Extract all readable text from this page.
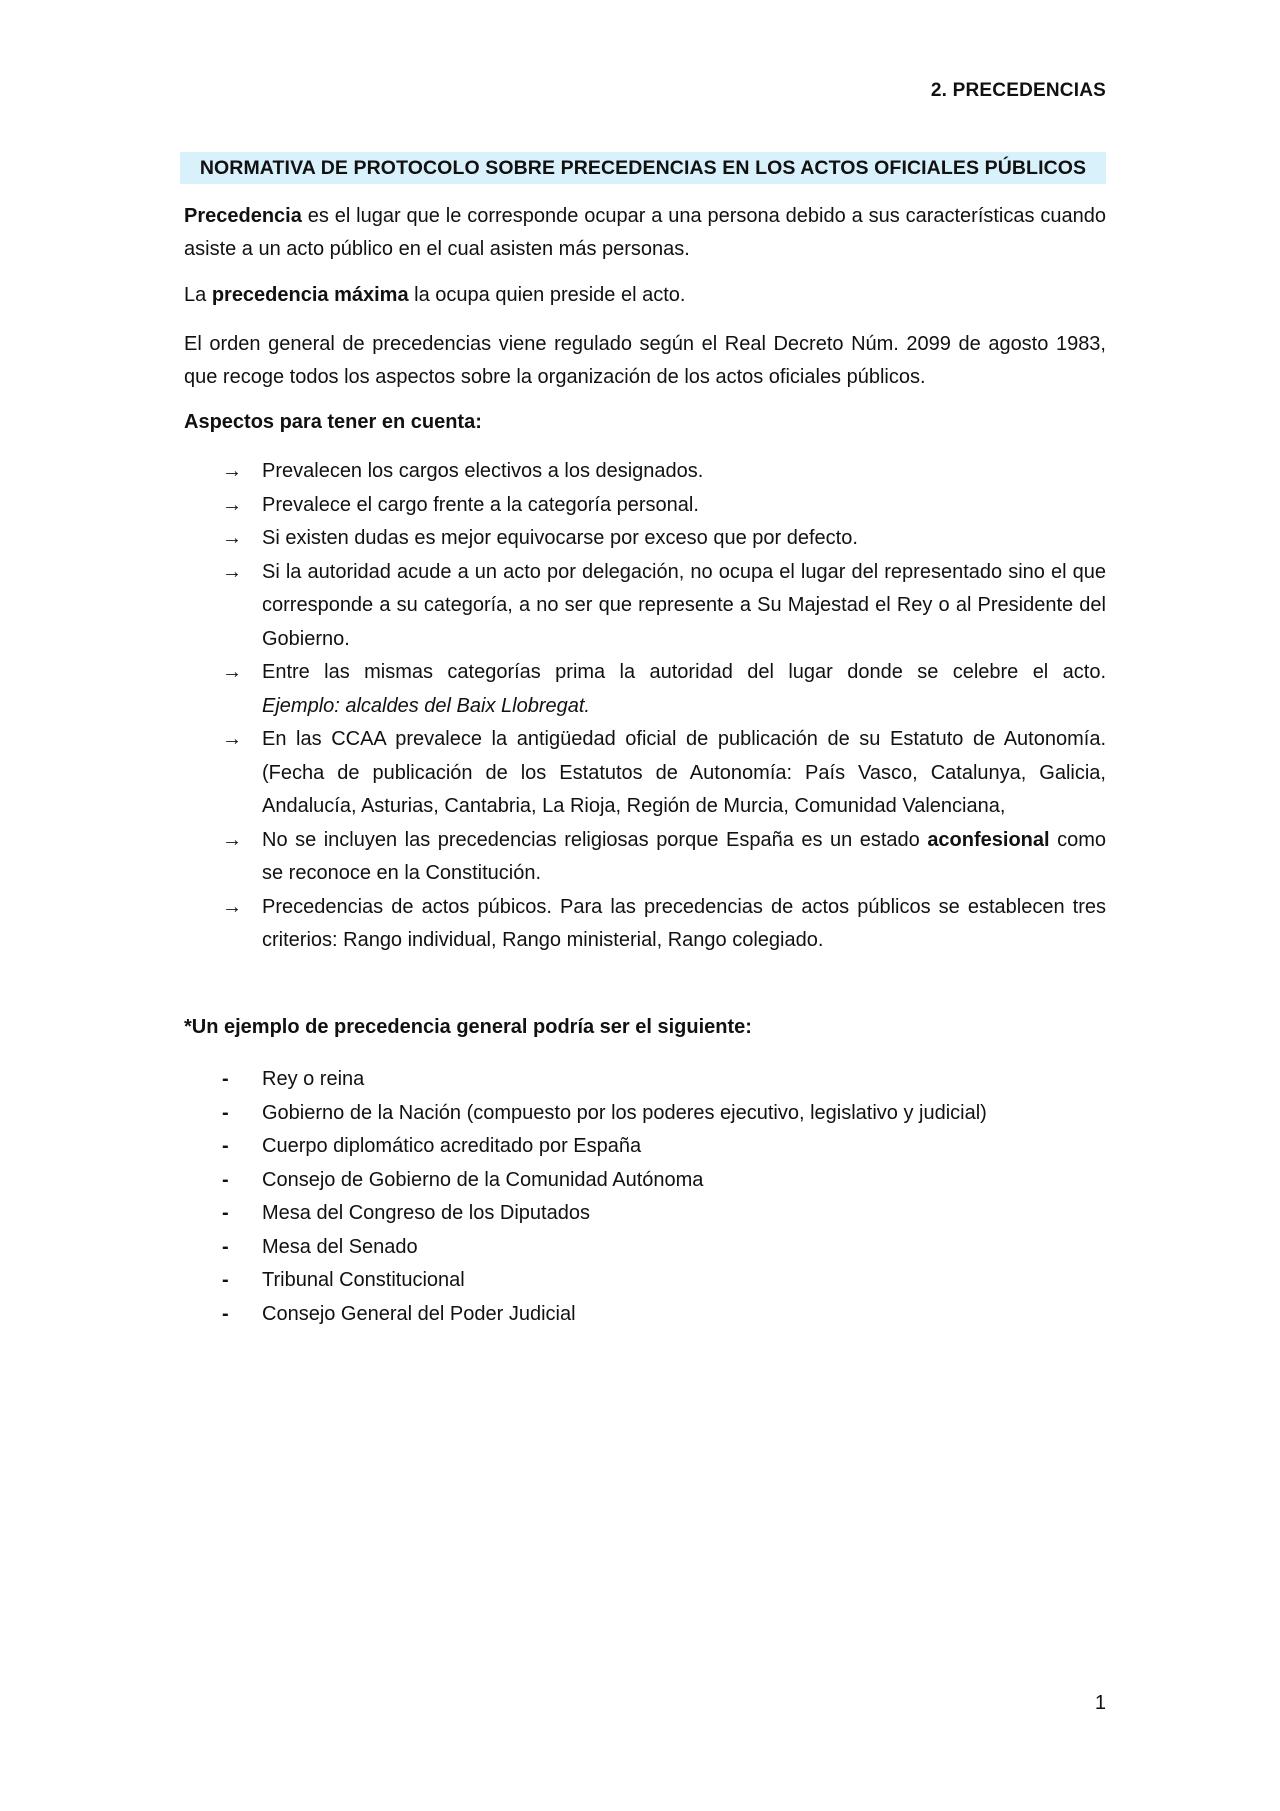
2. PRECEDENCIAS
NORMATIVA DE PROTOCOLO SOBRE PRECEDENCIAS EN LOS ACTOS OFICIALES PÚBLICOS

Precedencia es el lugar que le corresponde ocupar a una persona debido a sus características cuando asiste a un acto público en el cual asisten más personas.

La precedencia máxima la ocupa quien preside el acto.

El orden general de precedencias viene regulado según el Real Decreto Núm. 2099 de agosto 1983, que recoge todos los aspectos sobre la organización de los actos oficiales públicos.

Aspectos para tener en cuenta:

→ Prevalecen los cargos electivos a los designados.
→ Prevalece el cargo frente a la categoría personal.
→ Si existen dudas es mejor equivocarse por exceso que por defecto.
→ Si la autoridad acude a un acto por delegación, no ocupa el lugar del representado sino el que corresponde a su categoría, a no ser que represente a Su Majestad el Rey o al Presidente del Gobierno.
→ Entre las mismas categorías prima la autoridad del lugar donde se celebre el acto. Ejemplo: alcaldes del Baix Llobregat.
→ En las CCAA prevalece la antigüedad oficial de publicación de su Estatuto de Autonomía. (Fecha de publicación de los Estatutos de Autonomía: País Vasco, Catalunya, Galicia, Andalucía, Asturias, Cantabria, La Rioja, Región de Murcia, Comunidad Valenciana,
→ No se incluyen las precedencias religiosas porque España es un estado aconfesional como se reconoce en la Constitución.
→ Precedencias de actos púbicos. Para las precedencias de actos públicos se establecen tres criterios: Rango individual, Rango ministerial, Rango colegiado.

*Un ejemplo de precedencia general podría ser el siguiente:

-	Rey o reina
-	Gobierno de la Nación (compuesto por los poderes ejecutivo, legislativo y judicial)
-	Cuerpo diplomático acreditado por España
-	Consejo de Gobierno de la Comunidad Autónoma
-	Mesa del Congreso de los Diputados
-	Mesa del Senado
-	Tribunal Constitucional
-	Consejo General del Poder Judicial
1
